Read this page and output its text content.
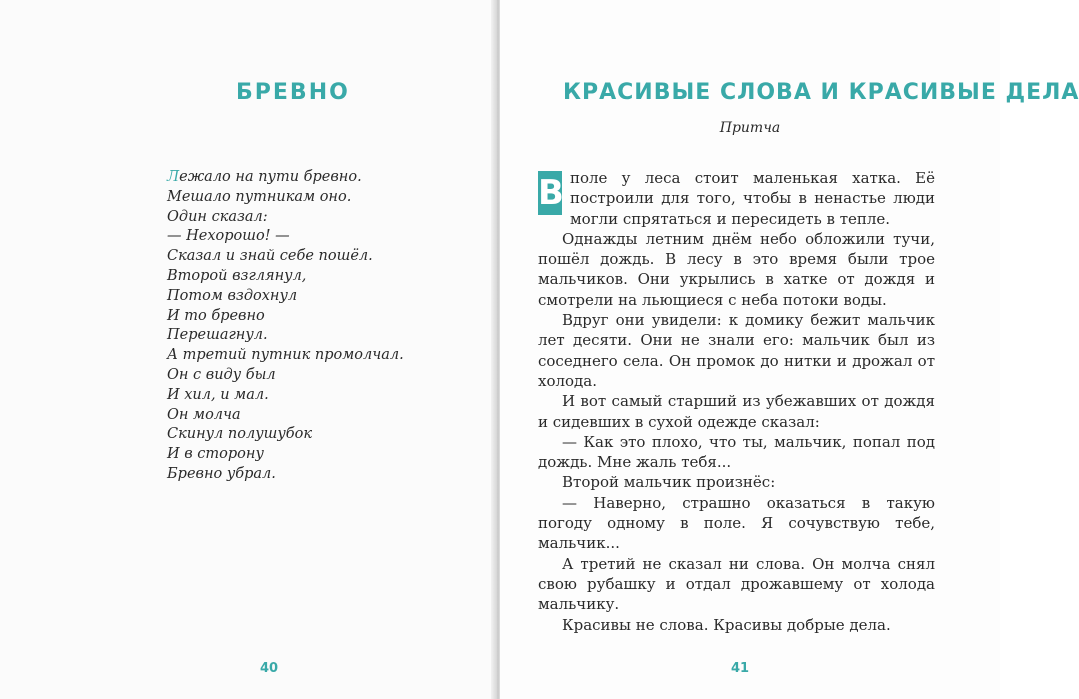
БРЕВНО
Лежало на пути бревно.
Мешало путникам оно.
Один сказал:
— Нехорошо! —
Сказал и знай себе пошёл.
Второй взглянул,
Потом вздохнул
И то бревно
Перешагнул.
А третий путник промолчал.
Он с виду был
И хил, и мал.
Он молча
Скинул полушубок
И в сторону
Бревно убрал.
40
КРАСИВЫЕ СЛОВА И КРАСИВЫЕ ДЕЛА
Притча

В поле у леса стоит маленькая хатка. Её построили для того, чтобы в ненастье люди могли спрятаться и пересидеть в тепле.

Однажды летним днём небо обложили тучи, пошёл дождь. В лесу в это время были трое мальчиков. Они укрылись в хатке от дождя и смотрели на льющиеся с неба потоки воды.

Вдруг они увидели: к домику бежит мальчик лет десяти. Они не знали его: мальчик был из соседнего села. Он промок до нитки и дрожал от холода.

И вот самый старший из убежавших от дождя и сидевших в сухой одежде сказал:

— Как это плохо, что ты, мальчик, попал под дождь. Мне жаль тебя...

Второй мальчик произнёс:

— Наверно, страшно оказаться в такую погоду одному в поле. Я сочувствую тебе, мальчик...

А третий не сказал ни слова. Он молча снял свою рубашку и отдал дрожавшему от холода мальчику.

Красивы не слова. Красивы добрые дела.

41
